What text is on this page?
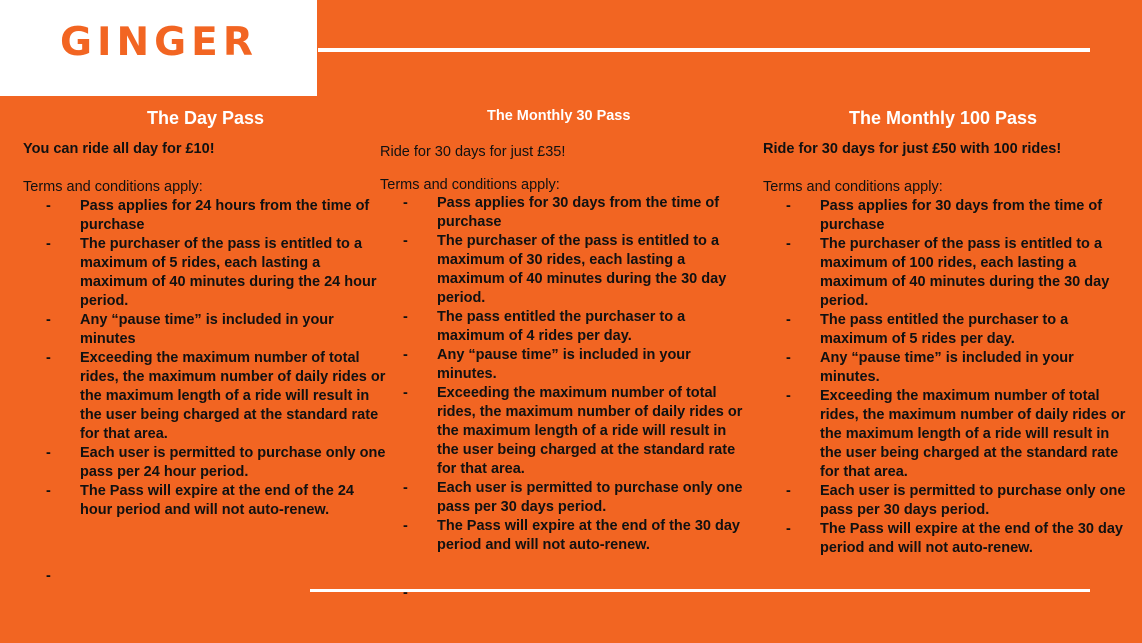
GINGER

The Day Pass

You can ride all day for £10!

Terms and conditions apply:

- Pass applies for 24 hours from the time of
purchase
- The purchaser of the pass is entitled to a
maximum of 5 rides, each lasting a
maximum of 40 minutes during the 24 hour
period.
- Any “pause time” is included in your
minutes
- Exceeding the maximum number of total
rides, the maximum number of daily rides or
the maximum length of a ride will result in
the user being charged at the standard rate
for that area.
- Each user is permitted to purchase only one
pass per 24 hour period.
- The Pass will expire at the end of the 24
hour period and will not auto-renew.
-

The Monthly 30 Pass

Ride for 30 days for just £35!

Terms and conditions apply:

- Pass applies for 30 days from the time of
purchase
- The purchaser of the pass is entitled to a
maximum of 30 rides, each lasting a
maximum of 40 minutes during the 30 day
period.
- The pass entitled the purchaser to a
maximum of 4 rides per day.
- Any “pause time” is included in your
minutes.
- Exceeding the maximum number of total
rides, the maximum number of daily rides or
the maximum length of a ride will result in
the user being charged at the standard rate
for that area.
- Each user is permitted to purchase only one
pass per 30 days period.
- The Pass will expire at the end of the 30 day
period and will not auto-renew.
-

The Monthly 100 Pass

Ride for 30 days for just £50 with 100 rides!

Terms and conditions apply:

- Pass applies for 30 days from the time of
purchase
- The purchaser of the pass is entitled to a
maximum of 100 rides, each lasting a
maximum of 40 minutes during the 30 day
period.
- The pass entitled the purchaser to a
maximum of 5 rides per day.
- Any “pause time” is included in your
minutes.
- Exceeding the maximum number of total
rides, the maximum number of daily rides or
the maximum length of a ride will result in
the user being charged at the standard rate
for that area.
- Each user is permitted to purchase only one
pass per 30 days period.
- The Pass will expire at the end of the 30 day
period and will not auto-renew.
